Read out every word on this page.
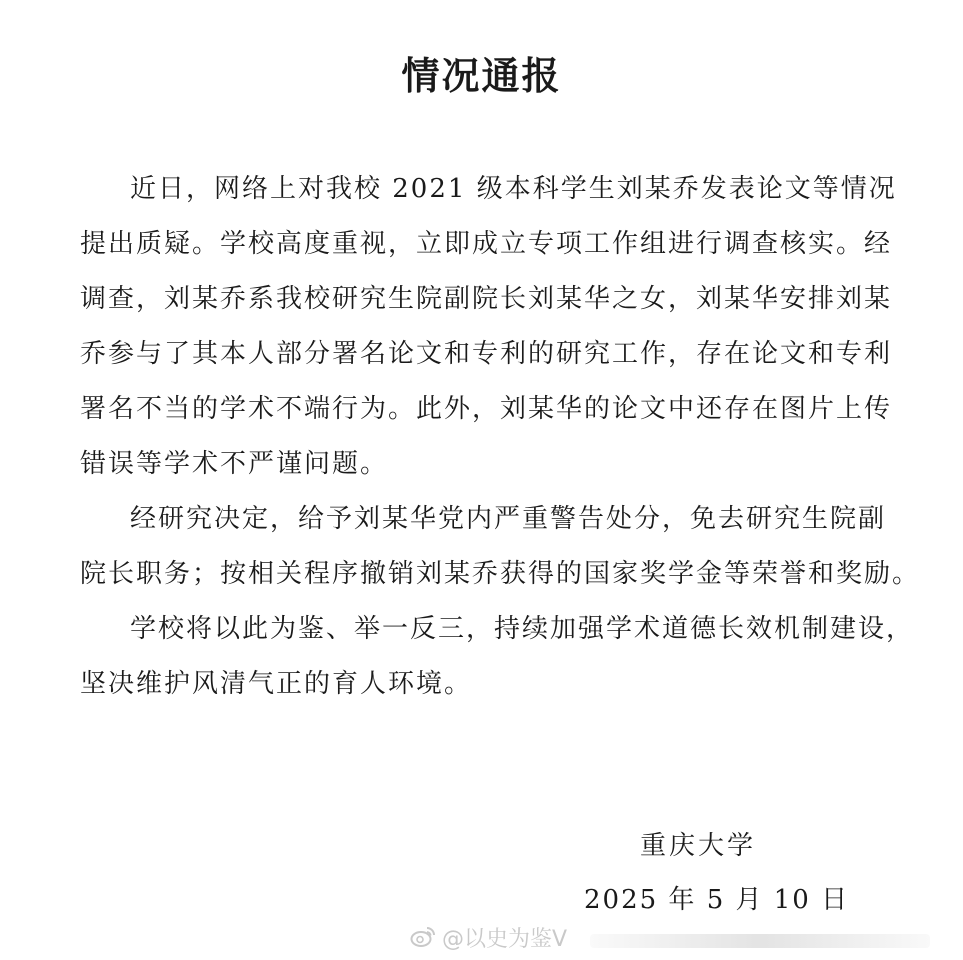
情况通报

近日，网络上对我校 2021 级本科学生刘某乔发表论文等情况
提出质疑。学校高度重视，立即成立专项工作组进行调查核实。经
调查，刘某乔系我校研究生院副院长刘某华之女，刘某华安排刘某
乔参与了其本人部分署名论文和专利的研究工作，存在论文和专利
署名不当的学术不端行为。此外，刘某华的论文中还存在图片上传
错误等学术不严谨问题。

经研究决定，给予刘某华党内严重警告处分，免去研究生院副
院长职务；按相关程序撤销刘某乔获得的国家奖学金等荣誉和奖励。

学校将以此为鉴、举一反三，持续加强学术道德长效机制建设，
坚决维护风清气正的育人环境。

重庆大学
2025 年 5 月 10 日
@以史为鉴V
